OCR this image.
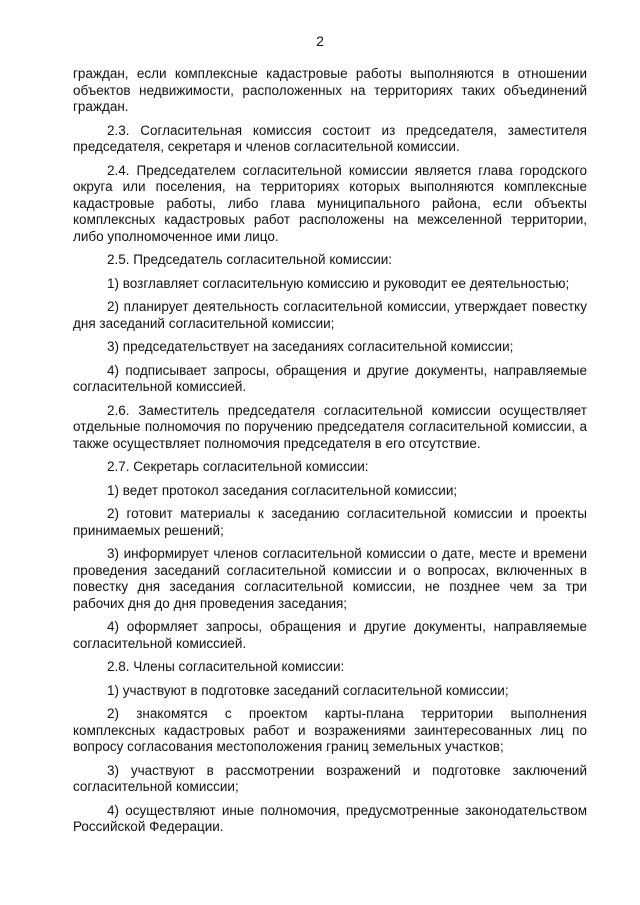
2

граждан, если комплексные кадастровые работы выполняются в отношении объектов недвижимости, расположенных на территориях таких объединений граждан.

2.3. Согласительная комиссия состоит из председателя, заместителя председателя, секретаря и членов согласительной комиссии.

2.4. Председателем согласительной комиссии является глава городского округа или поселения, на территориях которых выполняются комплексные кадастровые работы, либо глава муниципального района, если объекты комплексных кадастровых работ расположены на межселенной территории, либо уполномоченное ими лицо.

2.5. Председатель согласительной комиссии:

1) возглавляет согласительную комиссию и руководит ее деятельностью;

2) планирует деятельность согласительной комиссии, утверждает повестку дня заседаний согласительной комиссии;

3) председательствует на заседаниях согласительной комиссии;

4) подписывает запросы, обращения и другие документы, направляемые согласительной комиссией.

2.6. Заместитель председателя согласительной комиссии осуществляет отдельные полномочия по поручению председателя согласительной комиссии, а также осуществляет полномочия председателя в его отсутствие.

2.7. Секретарь согласительной комиссии:

1) ведет протокол заседания согласительной комиссии;

2) готовит материалы к заседанию согласительной комиссии и проекты принимаемых решений;

3) информирует членов согласительной комиссии о дате, месте и времени проведения заседаний согласительной комиссии и о вопросах, включенных в повестку дня заседания согласительной комиссии, не позднее чем за три рабочих дня до дня проведения заседания;

4) оформляет запросы, обращения и другие документы, направляемые согласительной комиссией.

2.8. Члены согласительной комиссии:

1) участвуют в подготовке заседаний согласительной комиссии;

2) знакомятся с проектом карты-плана территории выполнения комплексных кадастровых работ и возражениями заинтересованных лиц по вопросу согласования местоположения границ земельных участков;

3) участвуют в рассмотрении возражений и подготовке заключений согласительной комиссии;

4) осуществляют иные полномочия, предусмотренные законодательством Российской Федерации.
